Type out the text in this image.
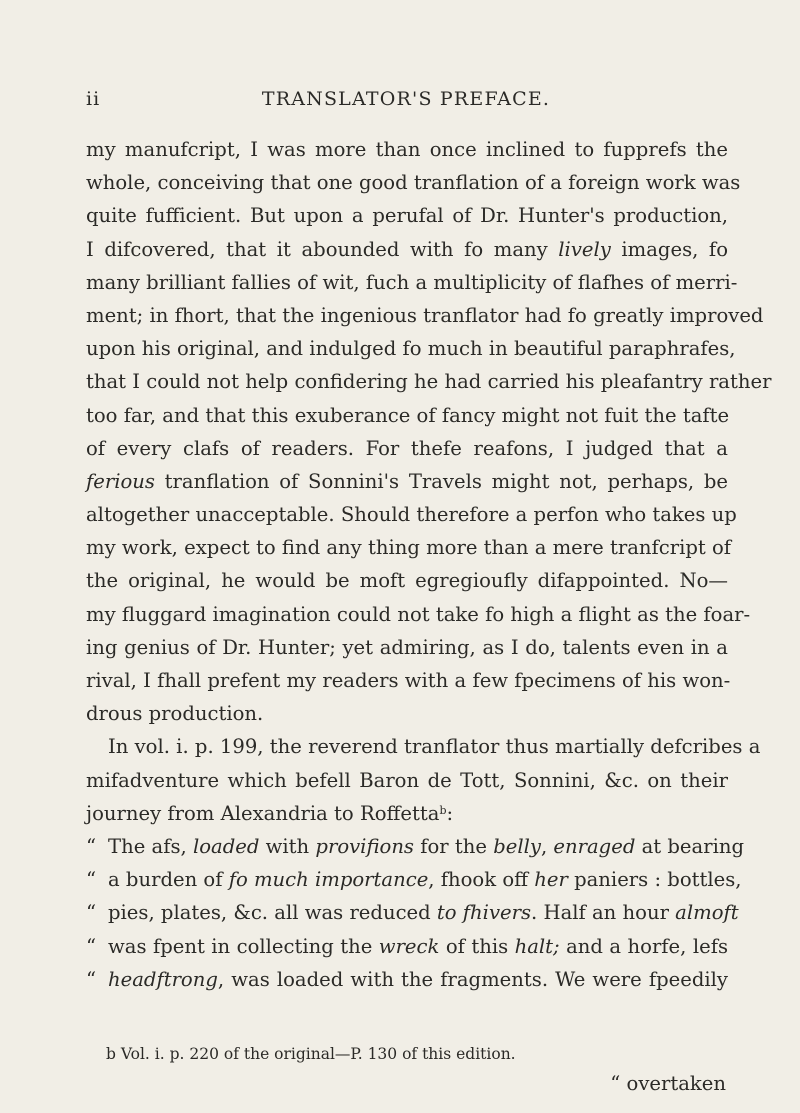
ii	TRANSLATOR'S PREFACE.
my manufcript, I was more than once inclined to fupprefs the
whole, conceiving that one good tranflation of a foreign work was
quite fufficient. But upon a perufal of Dr. Hunter's production,
I difcovered, that it abounded with fo many lively images, fo
many brilliant fallies of wit, fuch a multiplicity of flafhes of merri-
ment; in fhort, that the ingenious tranflator had fo greatly improved
upon his original, and indulged fo much in beautiful paraphrafes,
that I could not help confidering he had carried his pleafantry rather
too far, and that this exuberance of fancy might not fuit the tafte
of every clafs of readers. For thefe reafons, I judged that a
ferious tranflation of Sonnini's Travels might not, perhaps, be
altogether unacceptable. Should therefore a perfon who takes up
my work, expect to find any thing more than a mere tranfcript of
the original, he would be moft egregioufly difappointed. No—
my fluggard imagination could not take fo high a flight as the foar-
ing genius of Dr. Hunter; yet admiring, as I do, talents even in a
rival, I fhall prefent my readers with a few fpecimens of his won-
drous production.
In vol. i. p. 199, the reverend tranflator thus martially defcribes a
mifadventure which befell Baron de Tott, Sonnini, &c. on their
journey from Alexandria to Roffetta$^b$:
“ The afs, loaded with provifions for the belly, enraged at bearing
“ a burden of fo much importance, fhook off her paniers : bottles,
“ pies, plates, &c. all was reduced to fhivers. Half an hour almoft
“ was fpent in collecting the wreck of this halt; and a horfe, lefs
“ headftrong, was loaded with the fragments. We were fpeedily
b Vol. i. p. 220 of the original—P. 130 of this edition.
“ overtaken
